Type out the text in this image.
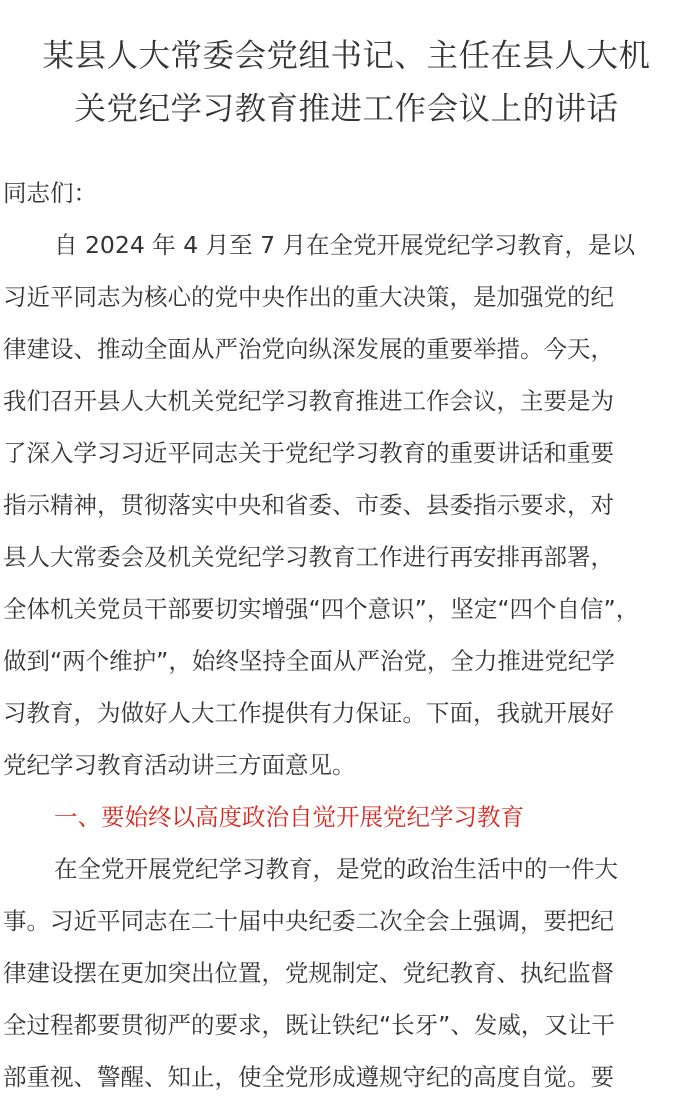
某县人大常委会党组书记、主任在县人大机
关党纪学习教育推进工作会议上的讲话

同志们：

自 2024 年 4 月至 7 月在全党开展党纪学习教育，是以
习近平同志为核心的党中央作出的重大决策，是加强党的纪
律建设、推动全面从严治党向纵深发展的重要举措。今天，
我们召开县人大机关党纪学习教育推进工作会议，主要是为
了深入学习习近平同志关于党纪学习教育的重要讲话和重要
指示精神，贯彻落实中央和省委、市委、县委指示要求，对
县人大常委会及机关党纪学习教育工作进行再安排再部署，
全体机关党员干部要切实增强“四个意识”，坚定“四个自信”，
做到“两个维护”，始终坚持全面从严治党，全力推进党纪学
习教育，为做好人大工作提供有力保证。下面，我就开展好
党纪学习教育活动讲三方面意见。

一、要始终以高度政治自觉开展党纪学习教育

在全党开展党纪学习教育，是党的政治生活中的一件大
事。习近平同志在二十届中央纪委二次全会上强调，要把纪
律建设摆在更加突出位置，党规制定、党纪教育、执纪监督
全过程都要贯彻严的要求，既让铁纪“长牙”、发威，又让干
部重视、警醒、知止，使全党形成遵规守纪的高度自觉。要
